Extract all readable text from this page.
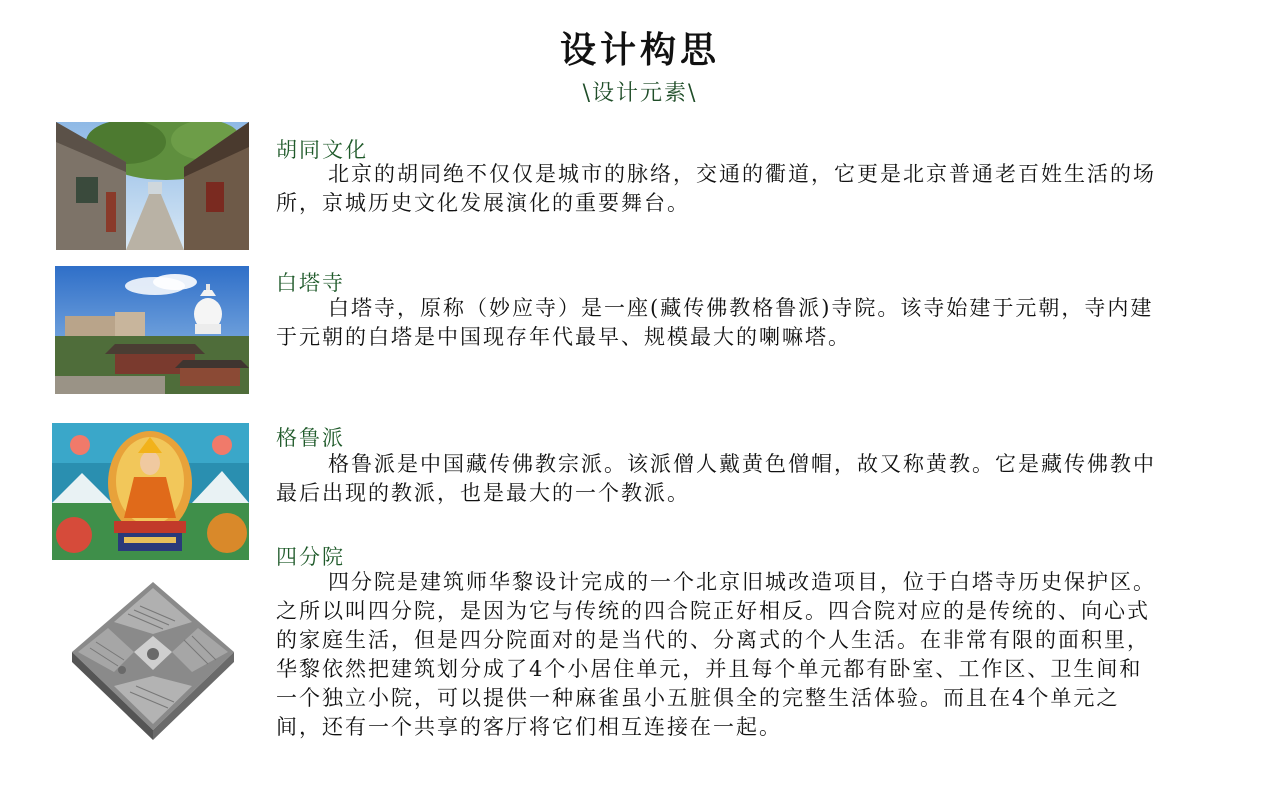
设计构思
\设计元素\
胡同文化
北京的胡同绝不仅仅是城市的脉络，交通的衢道，它更是北京普通老百姓生活的场所，京城历史文化发展演化的重要舞台。
白塔寺
白塔寺，原称（妙应寺）是一座(藏传佛教格鲁派)寺院。该寺始建于元朝，寺内建于元朝的白塔是中国现存年代最早、规模最大的喇嘛塔。
格鲁派
格鲁派是中国藏传佛教宗派。该派僧人戴黄色僧帽，故又称黄教。它是藏传佛教中最后出现的教派，也是最大的一个教派。
四分院
四分院是建筑师华黎设计完成的一个北京旧城改造项目，位于白塔寺历史保护区。之所以叫四分院，是因为它与传统的四合院正好相反。四合院对应的是传统的、向心式的家庭生活，但是四分院面对的是当代的、分离式的个人生活。在非常有限的面积里，华黎依然把建筑划分成了4个小居住单元，并且每个单元都有卧室、工作区、卫生间和一个独立小院，可以提供一种麻雀虽小五脏俱全的完整生活体验。而且在4个单元之间，还有一个共享的客厅将它们相互连接在一起。
